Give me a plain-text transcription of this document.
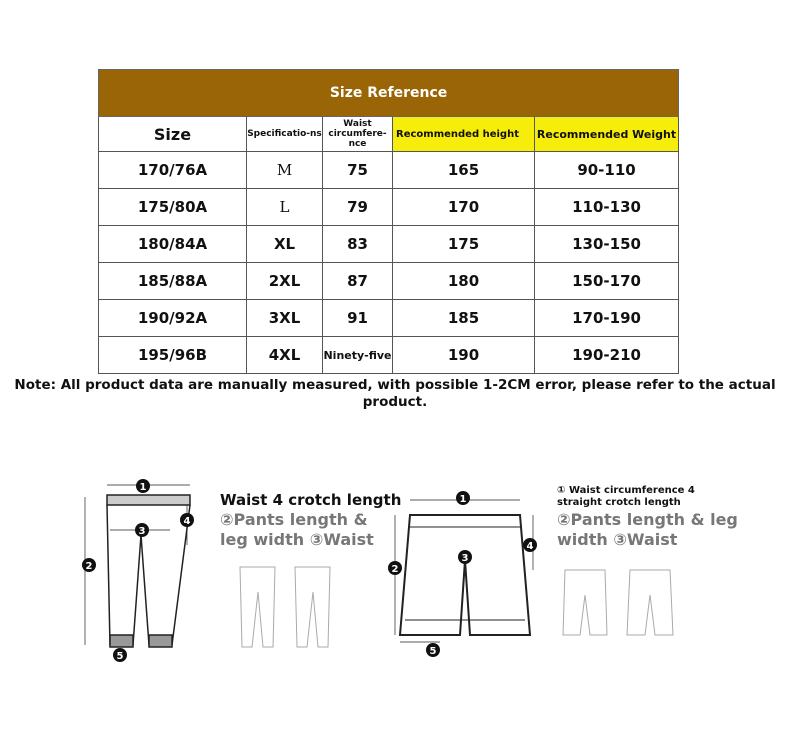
Size Reference				
Size	Specificatio-ns	Waist circumfere-nce	Recommended height	Recommended Weight
170/76A	M	75	165	90-110
175/80A	L	79	170	110-130
180/84A	XL	83	175	130-150
185/88A	2XL	87	180	150-170
190/92A	3XL	91	185	170-190
195/96B	4XL	Ninety-five	190	190-210
Note: All product data are manually measured, with possible 1-2CM error, please refer to the actual product.
1
2
3
4
5
Waist 4 crotch length
②Pants length & leg width ③Waist
1
2
3
4
5
① Waist circumference 4 straight crotch length
②Pants length & leg width ③Waist
